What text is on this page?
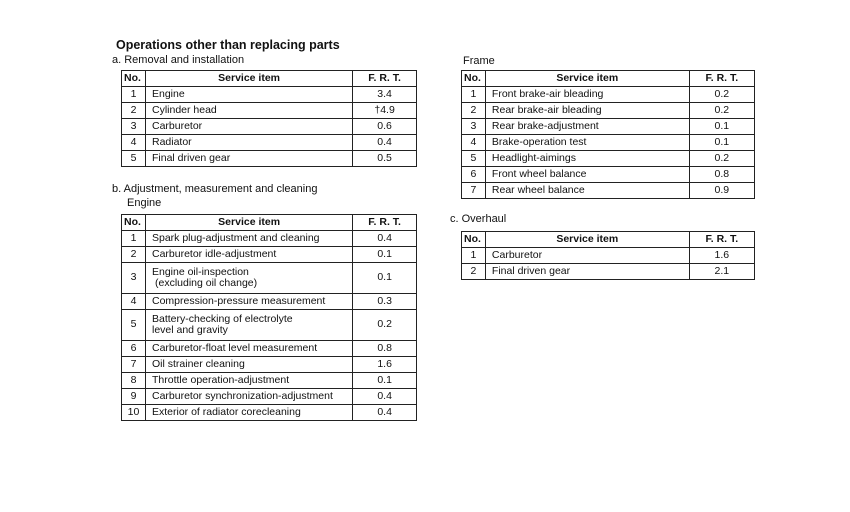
Operations other than replacing parts
a. Removal and installation
No.	Service item	F. R. T.
1	Engine	3.4
2	Cylinder head	†4.9
3	Carburetor	0.6
4	Radiator	0.4
5	Final driven gear	0.5
b. Adjustment, measurement and cleaning
Engine
No.	Service item	F. R. T.
1	Spark plug-adjustment and cleaning	0.4
2	Carburetor idle-adjustment	0.1
3	Engine oil-inspection
(excluding oil change)	0.1
4	Compression-pressure measurement	0.3
5	Battery-checking of electrolyte
level and gravity	0.2
6	Carburetor-float level measurement	0.8
7	Oil strainer cleaning	1.6
8	Throttle operation-adjustment	0.1
9	Carburetor synchronization-adjustment	0.4
10	Exterior of radiator corecleaning	0.4
Frame
No.	Service item	F. R. T.
1	Front brake-air bleading	0.2
2	Rear brake-air bleading	0.2
3	Rear brake-adjustment	0.1
4	Brake-operation test	0.1
5	Headlight-aimings	0.2
6	Front wheel balance	0.8
7	Rear wheel balance	0.9
c. Overhaul
No.	Service item	F. R. T.
1	Carburetor	1.6
2	Final driven gear	2.1
